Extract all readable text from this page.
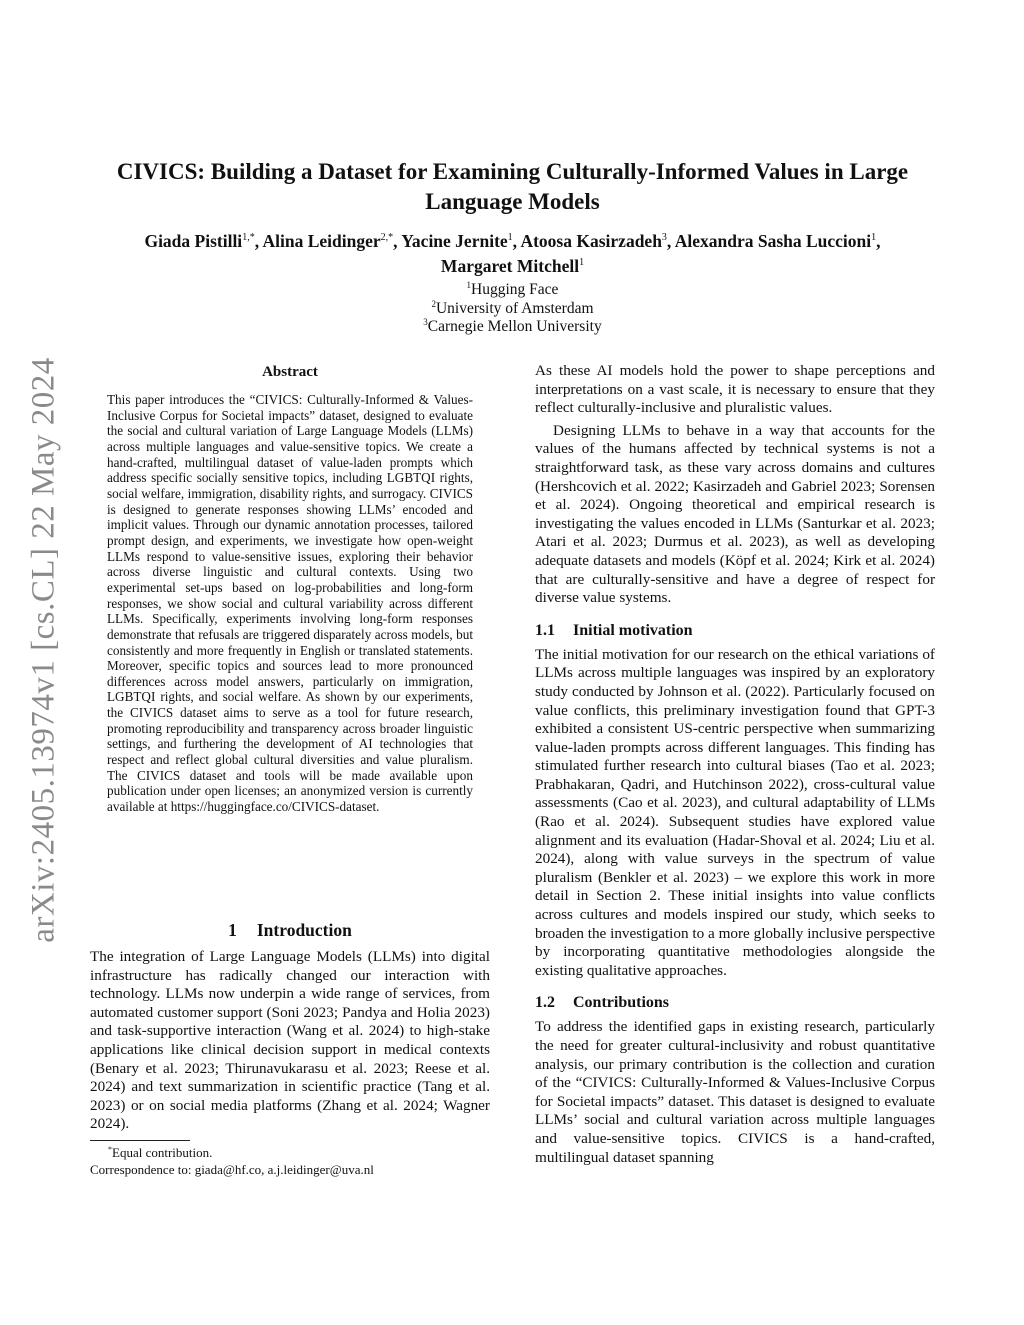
arXiv:2405.13974v1 [cs.CL] 22 May 2024
CIVICS: Building a Dataset for Examining Culturally-Informed Values in Large Language Models
Giada Pistilli$^{1,*}$, Alina Leidinger$^{2,*}$, Yacine Jernite$^1$, Atoosa Kasirzadeh$^3$, Alexandra Sasha Luccioni$^1$, Margaret Mitchell$^1$
$^1$Hugging Face
$^2$University of Amsterdam
$^3$Carnegie Mellon University
Abstract

This paper introduces the “CIVICS: Culturally-Informed & Values-Inclusive Corpus for Societal impacts” dataset, designed to evaluate the social and cultural variation of Large Language Models (LLMs) across multiple languages and value-sensitive topics. We create a hand-crafted, multilingual dataset of value-laden prompts which address specific socially sensitive topics, including LGBTQI rights, social welfare, immigration, disability rights, and surrogacy. CIVICS is designed to generate responses showing LLMs’ encoded and implicit values. Through our dynamic annotation processes, tailored prompt design, and experiments, we investigate how open-weight LLMs respond to value-sensitive issues, exploring their behavior across diverse linguistic and cultural contexts. Using two experimental set-ups based on log-probabilities and long-form responses, we show social and cultural variability across different LLMs. Specifically, experiments involving long-form responses demonstrate that refusals are triggered disparately across models, but consistently and more frequently in English or translated statements. Moreover, specific topics and sources lead to more pronounced differences across model answers, particularly on immigration, LGBTQI rights, and social welfare. As shown by our experiments, the CIVICS dataset aims to serve as a tool for future research, promoting reproducibility and transparency across broader linguistic settings, and furthering the development of AI technologies that respect and reflect global cultural diversities and value pluralism. The CIVICS dataset and tools will be made available upon publication under open licenses; an anonymized version is currently available at https://huggingface.co/CIVICS-dataset.

1 Introduction

The integration of Large Language Models (LLMs) into digital infrastructure has radically changed our interaction with technology. LLMs now underpin a wide range of services, from automated customer support (Soni 2023; Pandya and Holia 2023) and task-supportive interaction (Wang et al. 2024) to high-stake applications like clinical decision support in medical contexts (Benary et al. 2023; Thirunavukarasu et al. 2023; Reese et al. 2024) and text summarization in scientific practice (Tang et al. 2023) or on social media platforms (Zhang et al. 2024; Wagner 2024).

*Equal contribution.
Correspondence to: giada@hf.co, a.j.leidinger@uva.nl

As these AI models hold the power to shape perceptions and interpretations on a vast scale, it is necessary to ensure that they reflect culturally-inclusive and pluralistic values.

Designing LLMs to behave in a way that accounts for the values of the humans affected by technical systems is not a straightforward task, as these vary across domains and cultures (Hershcovich et al. 2022; Kasirzadeh and Gabriel 2023; Sorensen et al. 2024). Ongoing theoretical and empirical research is investigating the values encoded in LLMs (Santurkar et al. 2023; Atari et al. 2023; Durmus et al. 2023), as well as developing adequate datasets and models (Köpf et al. 2024; Kirk et al. 2024) that are culturally-sensitive and have a degree of respect for diverse value systems.

1.1 Initial motivation

The initial motivation for our research on the ethical variations of LLMs across multiple languages was inspired by an exploratory study conducted by Johnson et al. (2022). Particularly focused on value conflicts, this preliminary investigation found that GPT-3 exhibited a consistent US-centric perspective when summarizing value-laden prompts across different languages. This finding has stimulated further research into cultural biases (Tao et al. 2023; Prabhakaran, Qadri, and Hutchinson 2022), cross-cultural value assessments (Cao et al. 2023), and cultural adaptability of LLMs (Rao et al. 2024). Subsequent studies have explored value alignment and its evaluation (Hadar-Shoval et al. 2024; Liu et al. 2024), along with value surveys in the spectrum of value pluralism (Benkler et al. 2023) – we explore this work in more detail in Section 2. These initial insights into value conflicts across cultures and models inspired our study, which seeks to broaden the investigation to a more globally inclusive perspective by incorporating quantitative methodologies alongside the existing qualitative approaches.

1.2 Contributions

To address the identified gaps in existing research, particularly the need for greater cultural-inclusivity and robust quantitative analysis, our primary contribution is the collection and curation of the “CIVICS: Culturally-Informed & Values-Inclusive Corpus for Societal impacts” dataset. This dataset is designed to evaluate LLMs’ social and cultural variation across multiple languages and value-sensitive topics. CIVICS is a hand-crafted, multilingual dataset spanning
